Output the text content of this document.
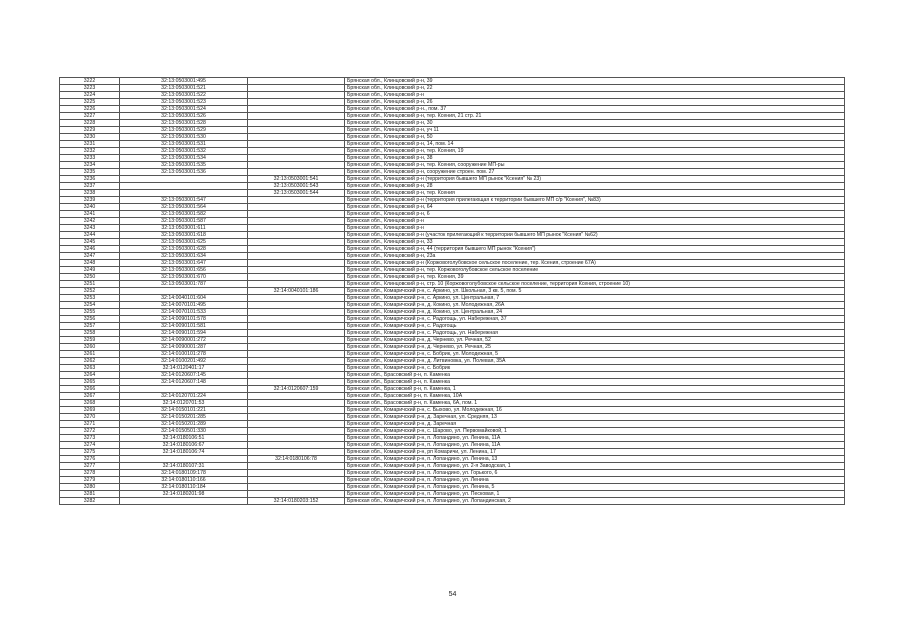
3222	32:13:0503001:495		Брянская обл., Клинцовский р-н, 39
3223	32:13:0503001:521		Брянская обл., Клинцовский р-н, 22
3224	32:13:0503001:522		Брянская обл., Клинцовский р-н
3225	32:13:0503001:523		Брянская обл., Клинцовский р-н, 26
3226	32:13:0503001:524		Брянская обл., Клинцовский р-н., пом. 37
3227	32:13:0503001:526		Брянская обл., Клинцовский р-н, тер. Ксения, 21 стр. 21
3228	32:13:0503001:528		Брянская обл., Клинцовский р-н, 30
3229	32:13:0503001:529		Брянская обл., Клинцовский р-н, уч 11
3230	32:13:0503001:530		Брянская обл., Клинцовский р-н, 50
3231	32:13:0503001:531		Брянская обл., Клинцовский р-н, 14, пом. 14
3232	32:13:0503001:532		Брянская обл., Клинцовский р-н, тер. Ксения, 19
3233	32:13:0503001:534		Брянская обл., Клинцовский р-н, 38
3234	32:13:0503001:535		Брянская обл., Клинцовский р-н, тер. Ксения, сооружение МП-ры
3235	32:13:0503001:536		Брянская обл., Клинцовский р-н, сооружение строен. пом. 27
3236		32:13:0503001:541	Брянская обл., Клинцовский р-н (территория бывшего МП рынок "Ксения" № 23)
3237		32:13:0503001:543	Брянская обл., Клинцовский р-н, 28
3238		32:13:0503001:544	Брянская обл., Клинцовский р-н, тер. Ксения
3239	32:13:0503001:547		Брянская обл., Клинцовский р-н (территория прилегающая к территории бывшего МП с/р "Ксения", №83)
3240	32:13:0503001:564		Брянская обл., Клинцовский р-н, 64
3241	32:13:0503001:582		Брянская обл., Клинцовский р-н, 6
3242	32:13:0503001:587		Брянская обл., Клинцовский р-н
3243	32:13:0503001:611		Брянская обл., Клинцовский р-н
3244	32:13:0503001:618		Брянская обл., Клинцовский р-н (участок прилегающий к территории бывшего МП рынок "Ксения" №62)
3245	32:13:0503001:625		Брянская обл., Клинцовский р-н, 33
3246	32:13:0503001:628		Брянская обл., Клинцовский р-н, 44 (территория бывшего МП рынок "Ксения")
3247	32:13:0503001:634		Брянская обл., Клинцовский р-н, 23а
3248	32:13:0503001:647		Брянская обл., Клинцовский р-н (Коржовоголубовское сельское поселение, тер. Ксения, строение 67А)
3249	32:13:0503001:656		Брянская обл., Клинцовский р-н, тер. Коржовоголубовское сельское поселение
3250	32:13:0503001:670		Брянская обл., Клинцовский р-н, тер. Ксения, 39
3251	32:13:0503001:787		Брянская обл., Клинцовский р-н, стр. 10 (Коржовоголубовское сельское поселение, территория Ксения, строение 10)
3252		32:14:0040101:186	Брянская обл., Комаричский р-н, с. Аркино, ул. Школьная, 3 кв. 5, пом. 5
3253	32:14:0040101:604		Брянская обл., Комаричский р-н, с. Аркино, ул. Центральная, 7
3254	32:14:0070101:495		Брянская обл., Комаричский р-н, д. Кокино, ул. Молодежная, 26А
3255	32:14:0070101:533		Брянская обл., Комаричский р-н, д. Кокино, ул. Центральная, 24
3256	32:14:0090101:578		Брянская обл., Комаричский р-н, с. Радогощь, ул. Набережная, 37
3257	32:14:0090101:581		Брянская обл., Комаричский р-н, с. Радогощь
3258	32:14:0090101:594		Брянская обл., Комаричский р-н, с. Радогощь, ул. Набережная
3259	32:14:0090001:272		Брянская обл., Комаричский р-н, д. Чернево, ул. Речная, 52
3260	32:14:0090001:287		Брянская обл., Комаричский р-н, д. Чернево, ул. Речная, 25
3261	32:14:0100101:278		Брянская обл., Комаричский р-н, с. Бобрик, ул. Молодежная, 5
3262	32:14:0100201:492		Брянская обл., Комаричский р-н, д. Литвиновка, ул. Полевая, 35А
3263	32:14:0120401:17		Брянская обл., Комаричский р-н, с. Бобрик
3264	32:14:0120607:145		Брянская обл., Брасовский р-н, п. Каменка
3265	32:14:0120607:148		Брянская обл., Брасовский р-н, п. Каменка
3266		32:14:0120607:159	Брянская обл., Брасовский р-н, п. Каменка, 1
3267	32:14:0120701:224		Брянская обл., Брасовский р-н, п. Каменка, 10А
3268	32:14:0120701:53		Брянская обл., Брасовский р-н, п. Каменка, 6А, пом. 1
3269	32:14:0150101:221		Брянская обл., Комаричский р-н, с. Быхово, ул. Молодежная, 16
3270	32:14:0150201:285		Брянская обл., Комаричский р-н, д. Заречная, ул. Средняя, 13
3271	32:14:0150201:289		Брянская обл., Комаричский р-н, д. Заречная
3272	32:14:0150501:330		Брянская обл., Комаричский р-н, с. Шарово, ул. Первомайковой, 1
3273	32:14:0180106:51		Брянская обл., Комаричский р-н, п. Лопандино, ул. Ленина, 11А
3274	32:14:0180106:67		Брянская обл., Комаричский р-н, п. Лопандино, ул. Ленина, 11А
3275	32:14:0180106:74		Брянская обл., Комаричский р-н, рп Комаричи, ул. Ленина, 17
3276		32:14:0180106:78	Брянская обл., Комаричский р-н, п. Лопандино, ул. Ленина, 13
3277	32:14:0180107:31		Брянская обл., Комаричский р-н, п. Лопандино, ул. 2-я Заводская, 1
3278	32:14:0180109:178		Брянская обл., Комаричский р-н, п. Лопандино, ул. Горького, 6
3279	32:14:0180110:166		Брянская обл., Комаричский р-н, п. Лопандино, ул. Ленина
3280	32:14:0180110:184		Брянская обл., Комаричский р-н, п. Лопандино, ул. Ленина, 5
3281	32:14:0180201:98		Брянская обл., Комаричский р-н, п. Лопандино, ул. Песковая, 1
3282		32:14:0180203:152	Брянская обл., Комаричский р-н, п. Лопандино, ул. Лопандинская, 2
54
